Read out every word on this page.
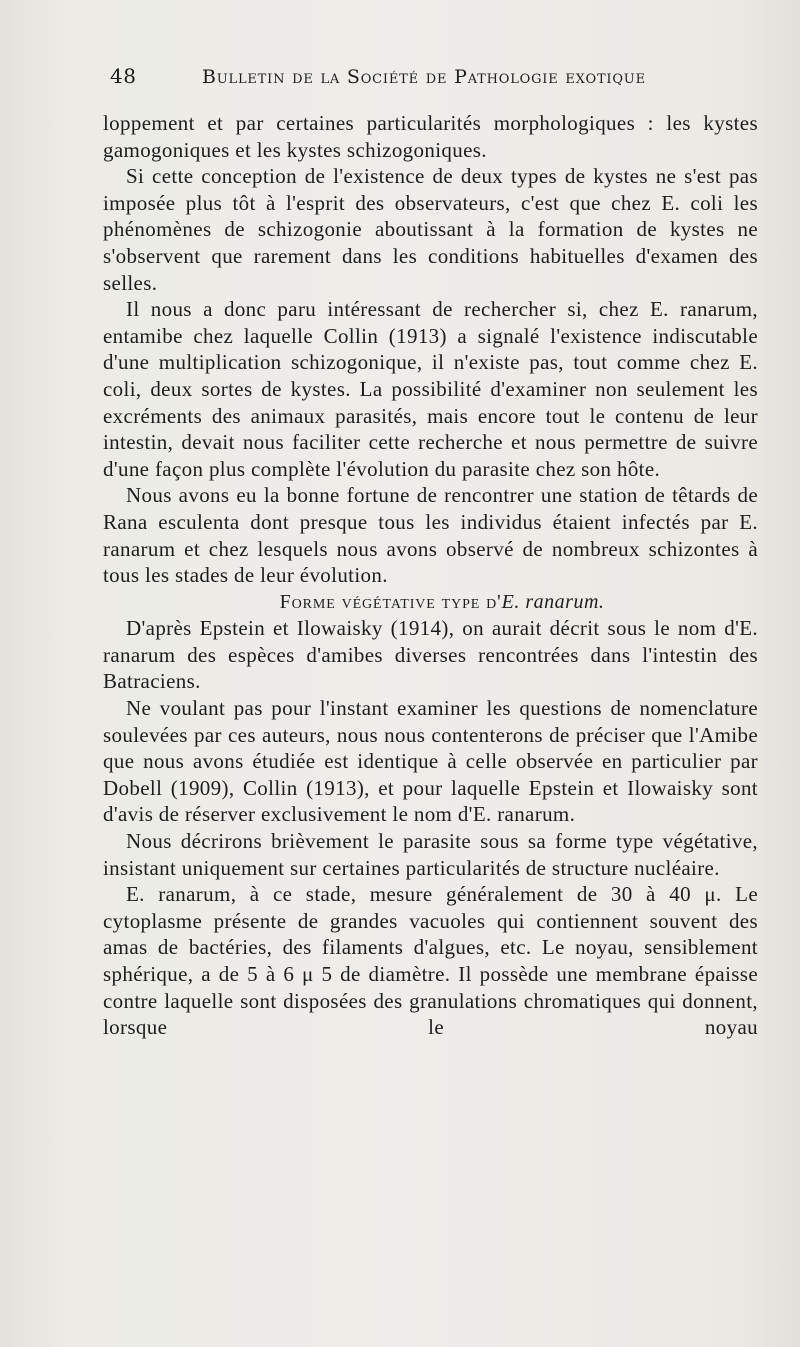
48	Bulletin de la Société de Pathologie exotique

loppement et par certaines particularités morphologiques : les kystes gamogoniques et les kystes schizogoniques.

Si cette conception de l'existence de deux types de kystes ne s'est pas imposée plus tôt à l'esprit des observateurs, c'est que chez E. coli les phénomènes de schizogonie aboutissant à la formation de kystes ne s'observent que rarement dans les conditions habituelles d'examen des selles.

Il nous a donc paru intéressant de rechercher si, chez E. ranarum, entamibe chez laquelle Collin (1913) a signalé l'existence indiscutable d'une multiplication schizogonique, il n'existe pas, tout comme chez E. coli, deux sortes de kystes. La possibilité d'examiner non seulement les excréments des animaux parasités, mais encore tout le contenu de leur intestin, devait nous faciliter cette recherche et nous permettre de suivre d'une façon plus complète l'évolution du parasite chez son hôte.

Nous avons eu la bonne fortune de rencontrer une station de têtards de Rana esculenta dont presque tous les individus étaient infectés par E. ranarum et chez lesquels nous avons observé de nombreux schizontes à tous les stades de leur évolution.

Forme végétative type d'E. ranarum.

D'après Epstein et Ilowaisky (1914), on aurait décrit sous le nom d'E. ranarum des espèces d'amibes diverses rencontrées dans l'intestin des Batraciens.

Ne voulant pas pour l'instant examiner les questions de nomenclature soulevées par ces auteurs, nous nous contenterons de préciser que l'Amibe que nous avons étudiée est identique à celle observée en particulier par Dobell (1909), Collin (1913), et pour laquelle Epstein et Ilowaisky sont d'avis de réserver exclusivement le nom d'E. ranarum.

Nous décrirons brièvement le parasite sous sa forme type végétative, insistant uniquement sur certaines particularités de structure nucléaire.

E. ranarum, à ce stade, mesure généralement de 30 à 40 μ. Le cytoplasme présente de grandes vacuoles qui contiennent souvent des amas de bactéries, des filaments d'algues, etc. Le noyau, sensiblement sphérique, a de 5 à 6 μ 5 de diamètre. Il possède une membrane épaisse contre laquelle sont disposées des granulations chromatiques qui donnent, lorsque le noyau
